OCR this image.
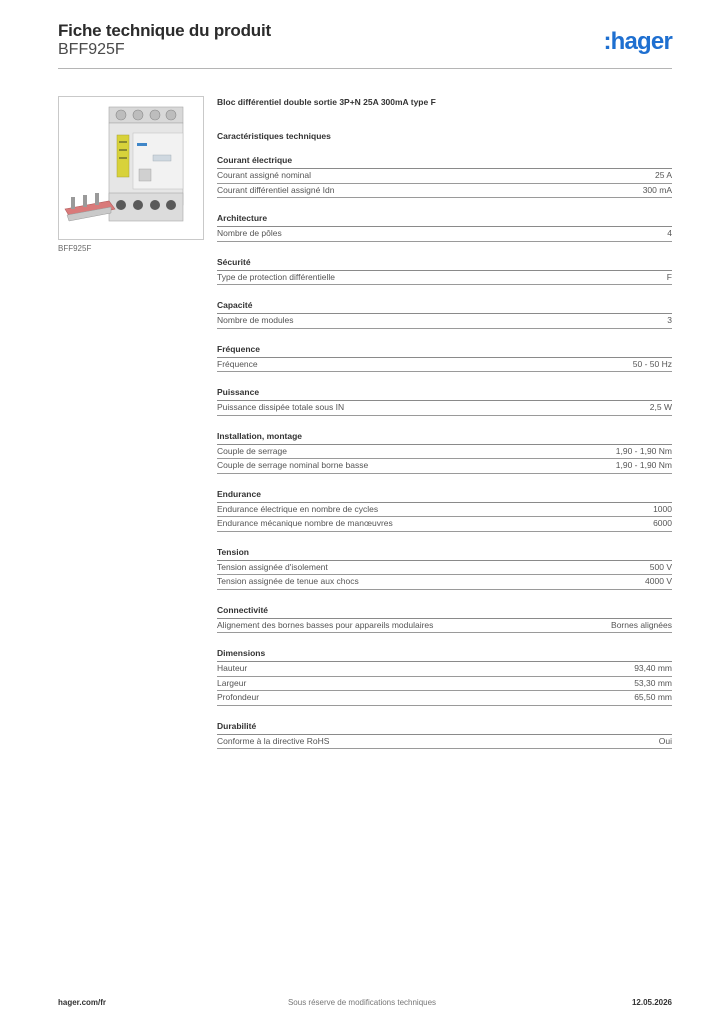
Fiche technique du produit
BFF925F	:hager
BFF925F
Bloc différentiel double sortie 3P+N 25A 300mA type F
Caractéristiques techniques
Courant électrique
Courant assigné nominal	25 A
Courant différentiel assigné Idn	300 mA
Architecture
Nombre de pôles	4
Sécurité
Type de protection différentielle	F
Capacité
Nombre de modules	3
Fréquence
Fréquence	50 - 50 Hz
Puissance
Puissance dissipée totale sous IN	2,5 W
Installation, montage
Couple de serrage	1,90 - 1,90 Nm
Couple de serrage nominal borne basse	1,90 - 1,90 Nm
Endurance
Endurance électrique en nombre de cycles	1000
Endurance mécanique nombre de manœuvres	6000
Tension
Tension assignée d'isolement	500 V
Tension assignée de tenue aux chocs	4000 V
Connectivité
Alignement des bornes basses pour appareils modulaires	Bornes alignées
Dimensions
Hauteur	93,40 mm
Largeur	53,30 mm
Profondeur	65,50 mm
Durabilité
Conforme à la directive RoHS	Oui
hager.com/fr	Sous réserve de modifications techniques	12.05.2026
